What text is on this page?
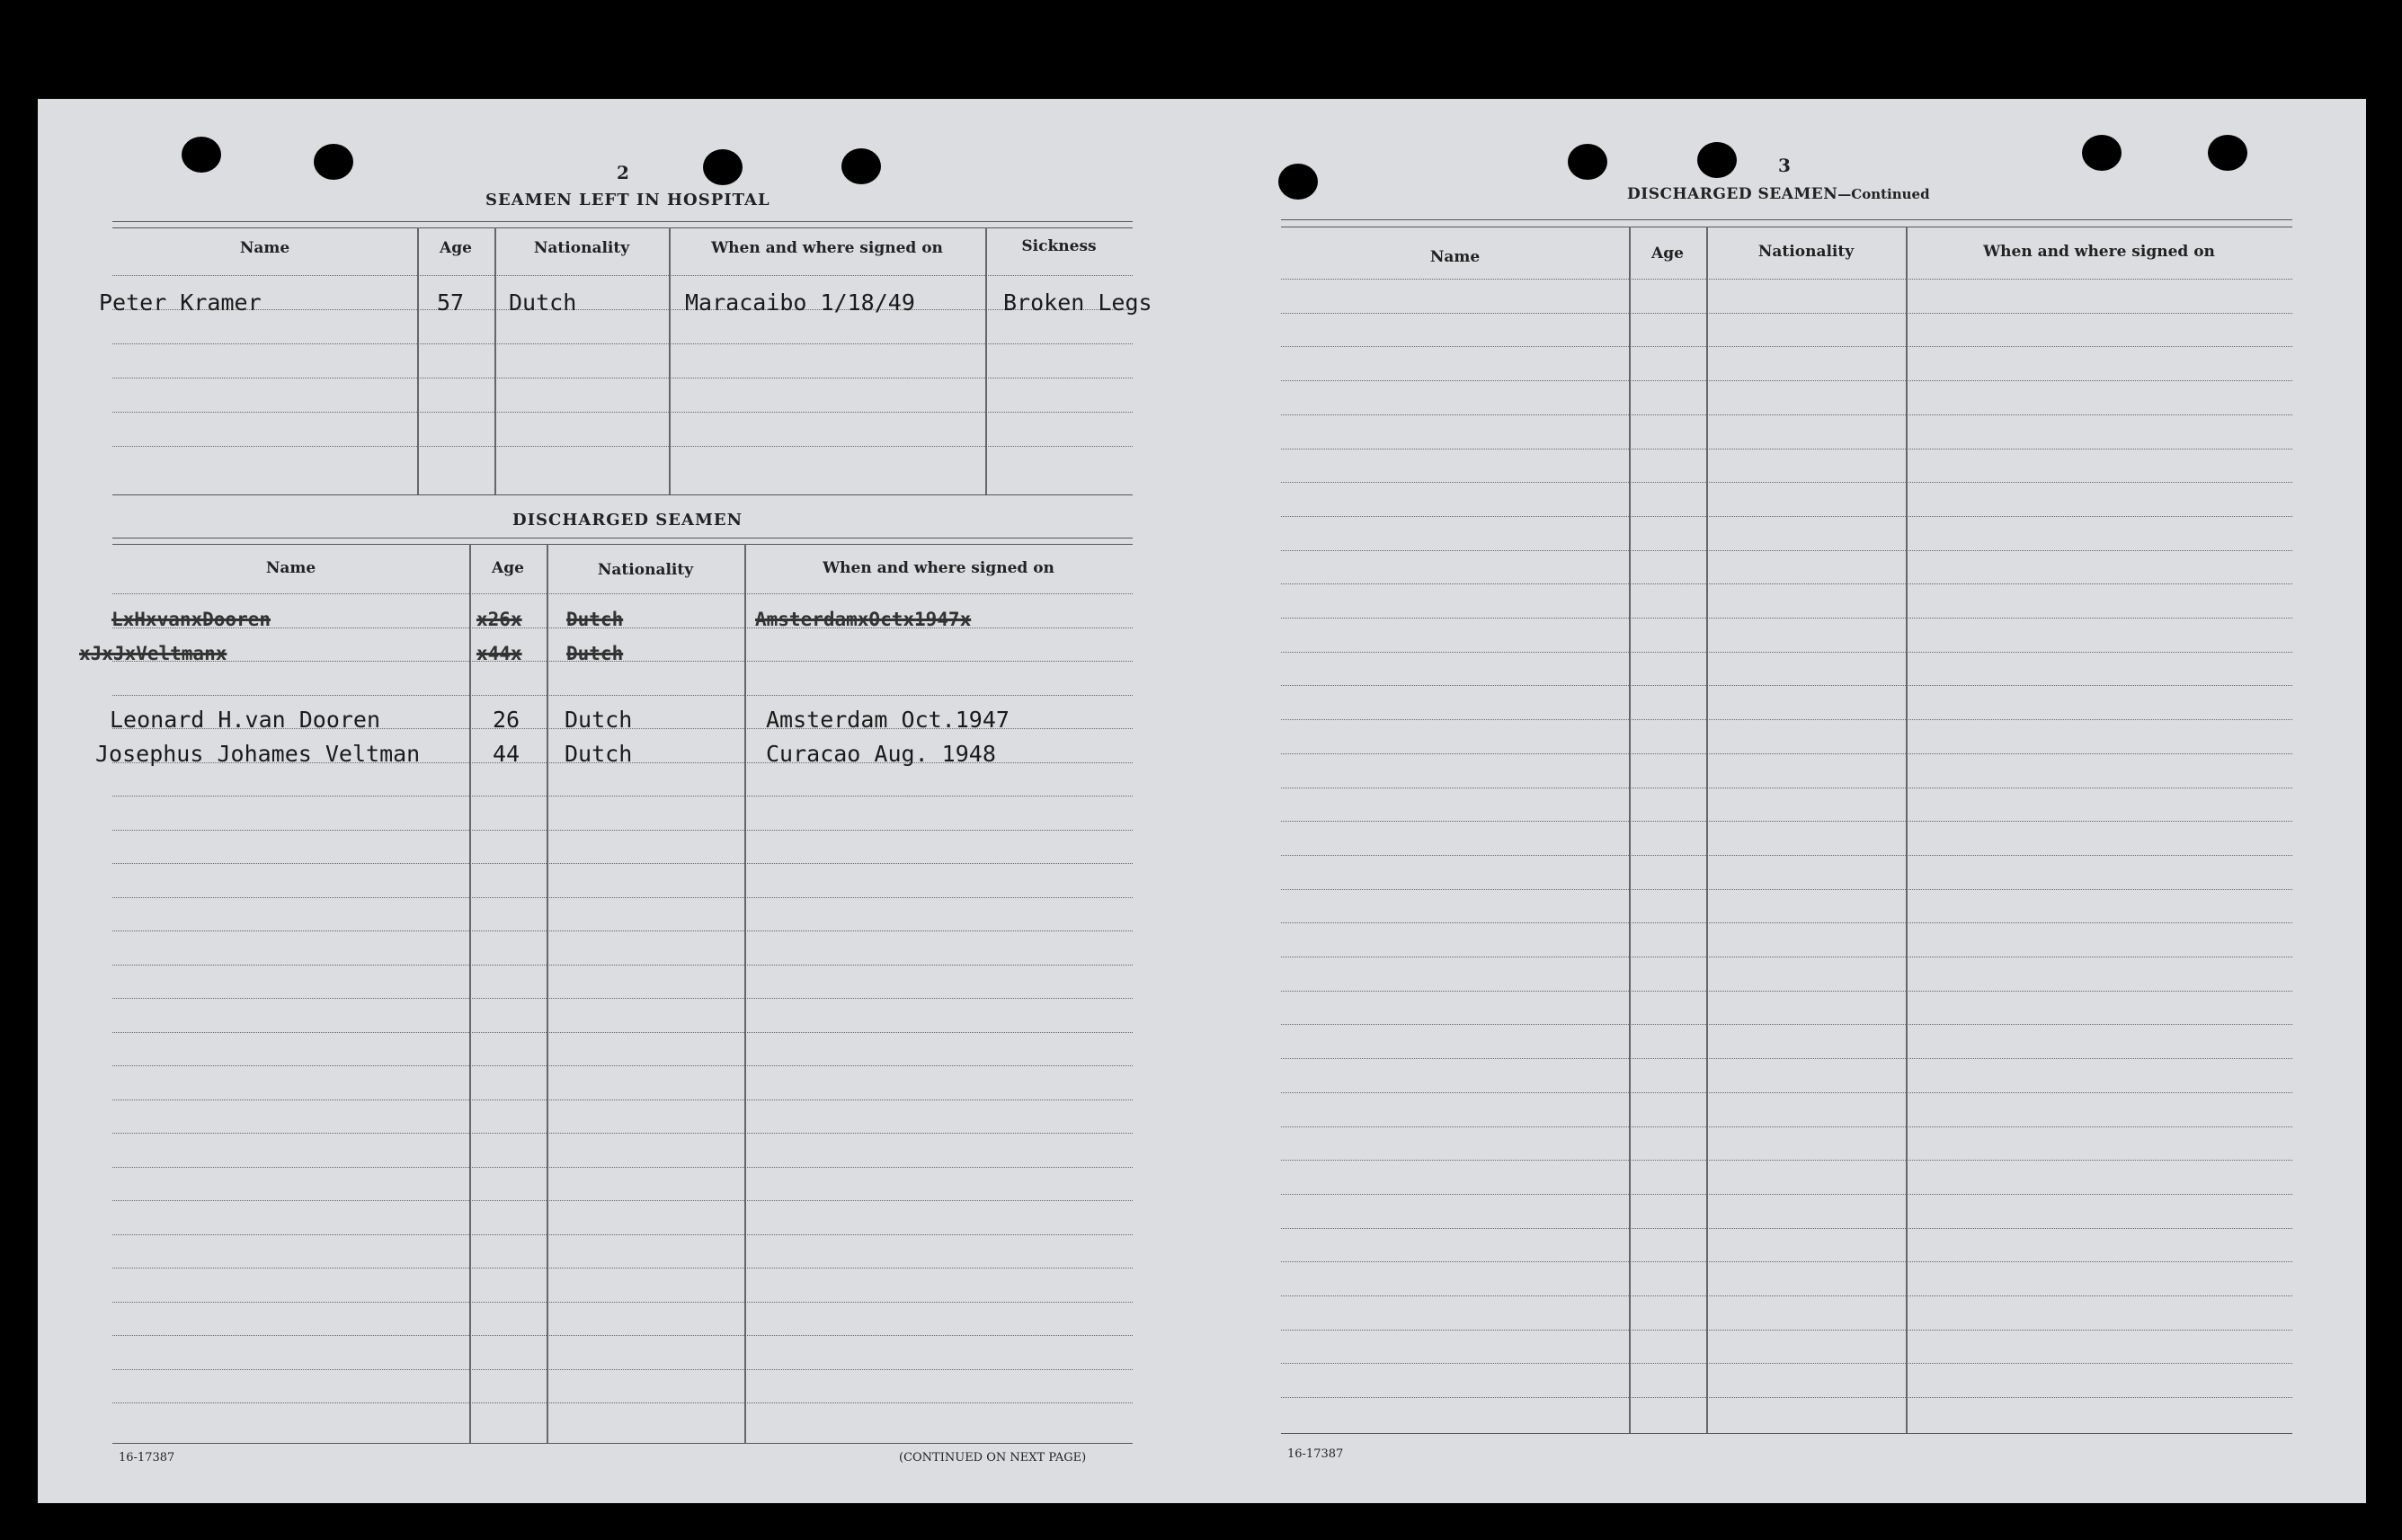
2
SEAMEN LEFT IN HOSPITAL
Name	Age	Nationality	When and where signed on	Sickness
Peter Kramer	57 Dutch	Maracaibo 1/18/49	Broken Legs
DISCHARGED SEAMEN
Name	Age	Nationality	When and where signed on
LxHxvanxDooren	x26x Dutch	AmsterdamxOctx1947x
xJxJxVeltmanx	x44x Dutch
Leonard H.van Dooren	26 Dutch	Amsterdam Oct.1947
Josephus Johames Veltman	44 Dutch	Curacao Aug. 1948
16-17387	(CONTINUED ON NEXT PAGE)
3
DISCHARGED SEAMEN—Continued
Name	Age	Nationality	When and where signed on
16-17387
